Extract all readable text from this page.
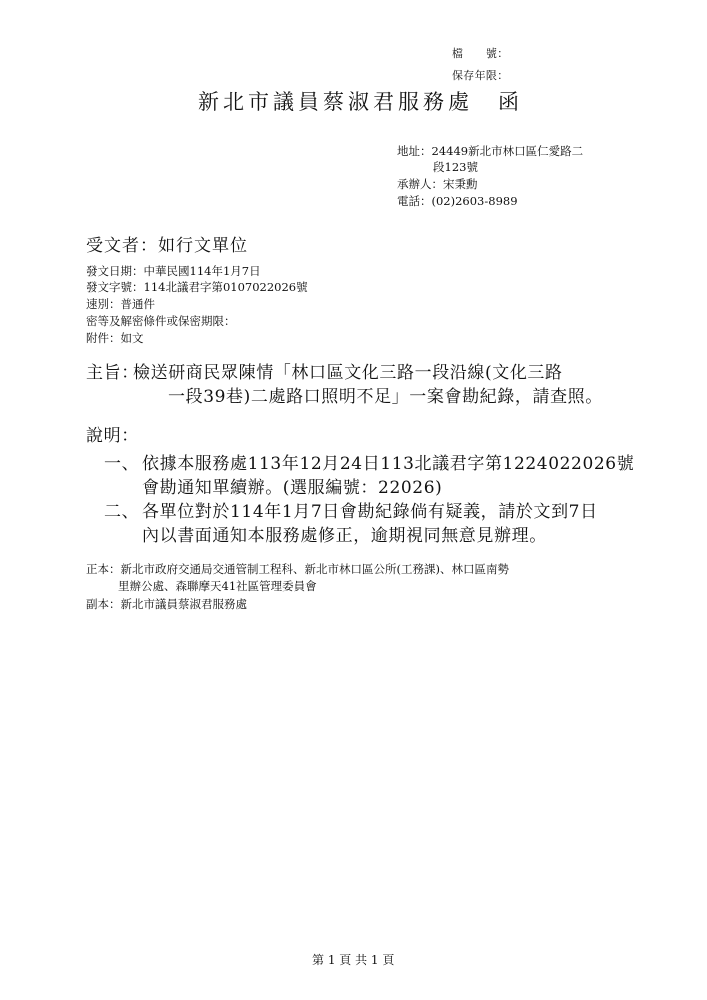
檔　　號：
保存年限：
新北市議員蔡淑君服務處　函
地址：24449新北市林口區仁愛路二
段123號
承辦人：宋秉勳
電話：(02)2603-8989
受文者：如行文單位
發文日期：中華民國114年1月7日
發文字號：114北議君字第0107022026號
速別：普通件
密等及解密條件或保密期限：
附件：如文
主旨：
檢送研商民眾陳情「林口區文化三路一段沿線(文化三路
一段39巷)二處路口照明不足」一案會勘紀錄，請查照。
說明：
一、 依據本服務處113年12月24日113北議君字第1224022026號
會勘通知單續辦。(選服編號：22026)
二、 各單位對於114年1月7日會勘紀錄倘有疑義，請於文到7日
內以書面通知本服務處修正，逾期視同無意見辦理。
正本：新北市政府交通局交通管制工程科、新北市林口區公所(工務課)、林口區南勢
里辦公處、森聯摩天41社區管理委員會
副本：新北市議員蔡淑君服務處
第 1 頁 共 1 頁
